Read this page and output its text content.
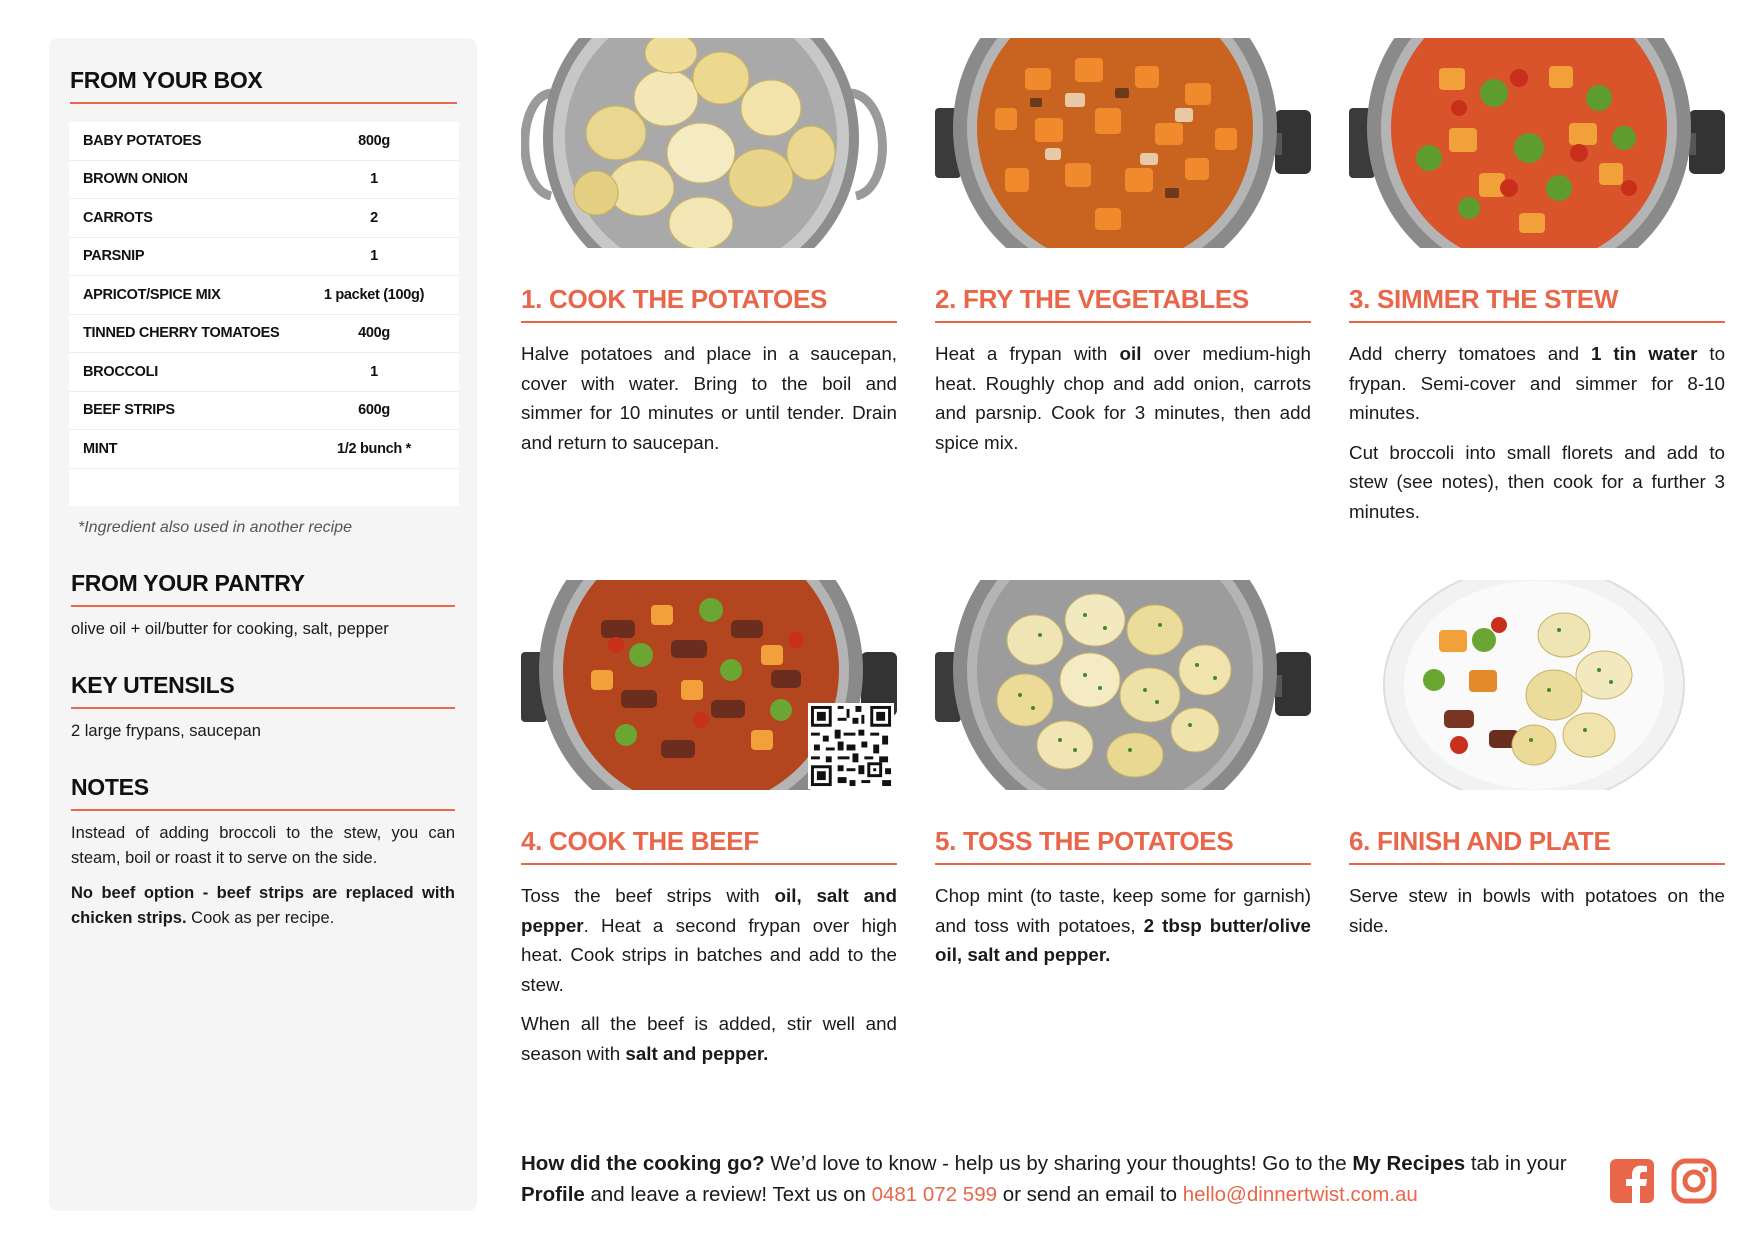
FROM YOUR BOX
BABY POTATOES	800g
BROWN ONION	1
CARROTS	2
PARSNIP	1
APRICOT/SPICE MIX	1 packet (100g)
TINNED CHERRY TOMATOES	400g
BROCCOLI	1
BEEF STRIPS	600g
MINT	1/2 bunch *
*Ingredient also used in another recipe
FROM YOUR PANTRY
olive oil + oil/butter for cooking, salt, pepper
KEY UTENSILS
2 large frypans, saucepan
NOTES

Instead of adding broccoli to the stew, you can steam, boil or roast it to serve on the side.

No beef option - beef strips are replaced with chicken strips. Cook as per recipe.

1. COOK THE POTATOES

Halve potatoes and place in a saucepan, cover with water. Bring to the boil and simmer for 10 minutes or until tender. Drain and return to saucepan.

2. FRY THE VEGETABLES

Heat a frypan with oil over medium-high heat. Roughly chop and add onion, carrots and parsnip. Cook for 3 minutes, then add spice mix.

3. SIMMER THE STEW

Add cherry tomatoes and 1 tin water to frypan. Semi-cover and simmer for 8-10 minutes.

Cut broccoli into small florets and add to stew (see notes), then cook for a further 3 minutes.

4. COOK THE BEEF

Toss the beef strips with oil, salt and pepper. Heat a second frypan over high heat. Cook strips in batches and add to the stew.

When all the beef is added, stir well and season with salt and pepper.

5. TOSS THE POTATOES

Chop mint (to taste, keep some for garnish) and toss with potatoes, 2 tbsp butter/olive oil, salt and pepper.

6. FINISH AND PLATE

Serve stew in bowls with potatoes on the side.

How did the cooking go? We’d love to know - help us by sharing your thoughts! Go to the My Recipes tab in your Profile and leave a review! Text us on 0481 072 599 or send an email to hello@dinnertwist.com.au
